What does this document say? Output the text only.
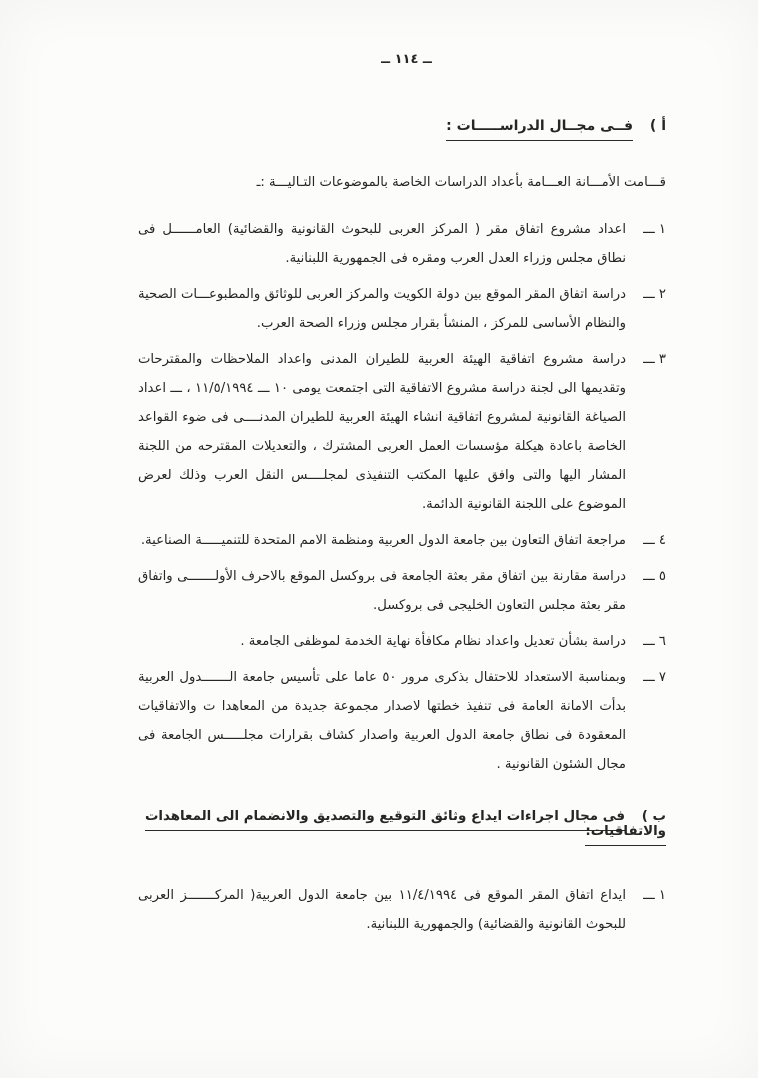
ــ ١١٤ ــ
أ ) فــى مجــال الدراســـــات :

قـــامت الأمـــانة العـــامة بأعداد الدراسات الخاصة بالموضوعات التـاليـــة :ـ

١ ـــ

اعداد مشروع اتفاق مقر ( المركز العربى للبحوث القانونية والقضائية) العامــــــل فى نطاق مجلس وزراء العدل العرب ومقره فى الجمهورية اللبنانية.

٢ ـــ

دراسة اتفاق المقر الموقع بين دولة الكويت والمركز العربى للوثائق والمطبوعـــات الصحية والنظام الأساسى للمركز ، المنشأ بقرار مجلس وزراء الصحة العرب.

٣ ـــ

دراسة مشروع اتفاقية الهيئة العربية للطيران المدنى واعداد الملاحظات والمقترحات وتقديمها الى لجنة دراسة مشروع الاتفاقية التى اجتمعت يومى ١٠ ـــ ١١/٥/١٩٩٤ ، ـــ اعداد الصياغة القانونية لمشروع اتفاقية انشاء الهيئة العربية للطيران المدنــــى فى ضوء القواعد الخاصة باعادة هيكلة مؤسسات العمل العربى المشترك ، والتعديلات المقترحه من اللجنة المشار اليها والتى وافق عليها المكتب التنفيذى لمجلــــس النقل العرب وذلك لعرض الموضوع على اللجنة القانونية الدائمة.

٤ ـــ

مراجعة اتفاق التعاون بين جامعة الدول العربية ومنظمة الامم المتحدة للتنميـــــة الصناعية.

٥ ـــ

دراسة مقارنة بين اتفاق مقر بعثة الجامعة فى بروكسل الموقع بالاحرف الأولـــــــى واتفاق مقر بعثة مجلس التعاون الخليجى فى بروكسل.

٦ ـــ

دراسة بشأن تعديل واعداد نظام مكافأة نهاية الخدمة لموظفى الجامعة .

٧ ـــ

وبمناسبة الاستعداد للاحتفال بذكرى مرور ٥٠ عاما على تأسيس جامعة الـــــــدول العربية بدأت الامانة العامة فى تنفيذ خطتها لاصدار مجموعة جديدة من المعاهدا ت والاتفاقيات المعقودة فى نطاق جامعة الدول العربية واصدار كشاف بقرارات مجلـــــس الجامعة فى مجال الشئون القانونية .

ب ) فى مجال اجراءات ايداع وثائق التوقيع والتصديق والانضمام الى المعاهدات والاتفاقيات:
١ ـــ

ايداع اتفاق المقر الموقع فى ١١/٤/١٩٩٤ بين جامعة الدول العربية( المركـــــــز العربى للبحوث القانونية والقضائية) والجمهورية اللبنانية.
